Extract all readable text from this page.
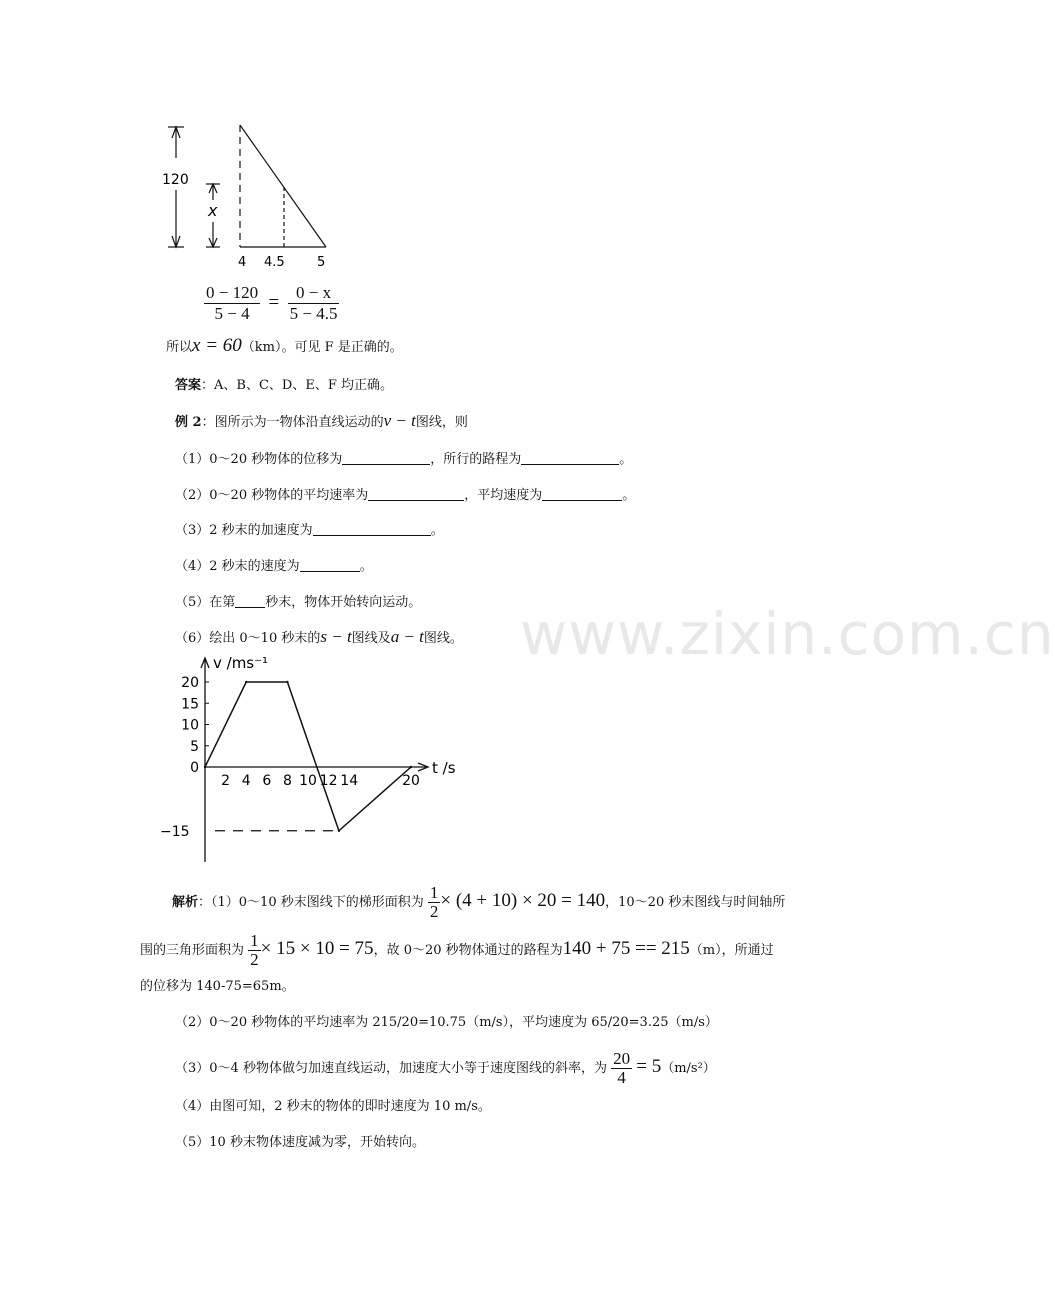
www.zixin.com.cn
120
x
4 4.5 5
$\frac{0 - 120}{5 - 4} = \frac{0 - x}{5 - 4.5}$
所以x = 60（km）。可见 F 是正确的。
答案：A、B、C、D、E、F 均正确。
例 2：图所示为一物体沿直线运动的v − t图线，则
（1）0～20 秒物体的位移为	，所行的路程为	。
（2）0～20 秒物体的平均速率为	，平均速度为	。
（3）2 秒末的加速度为	。
（4）2 秒末的速度为	。
（5）在第 秒末，物体开始转向运动。
（6）绘出 0～10 秒末的s − t图线及a − t图线。
20
15
10
5
0
−15
2 4 6 8 10 12 14	20
v /ms⁻¹
t /s
解析：（1）0～10 秒末图线下的梯形面积为 $\frac{1}{2} \times (4 + 10) \times 20 = 140$，10～20 秒末图线与时间轴所
围的三角形面积为 $\frac{1}{2} \times 15 \times 10 = 75$，故 0～20 秒物体通过的路程为140 + 75 == 215（m），所通过
的位移为 140-75=65m。
（2）0～20 秒物体的平均速率为 215/20=10.75（m/s），平均速度为 65/20=3.25（m/s）
（3）0～4 秒物体做匀加速直线运动，加速度大小等于速度图线的斜率，为 $\frac{20}{4} = 5(m/s^2)$
（4）由图可知，2 秒末的物体的即时速度为 10 m/s。
（5）10 秒末物体速度减为零，开始转向。
